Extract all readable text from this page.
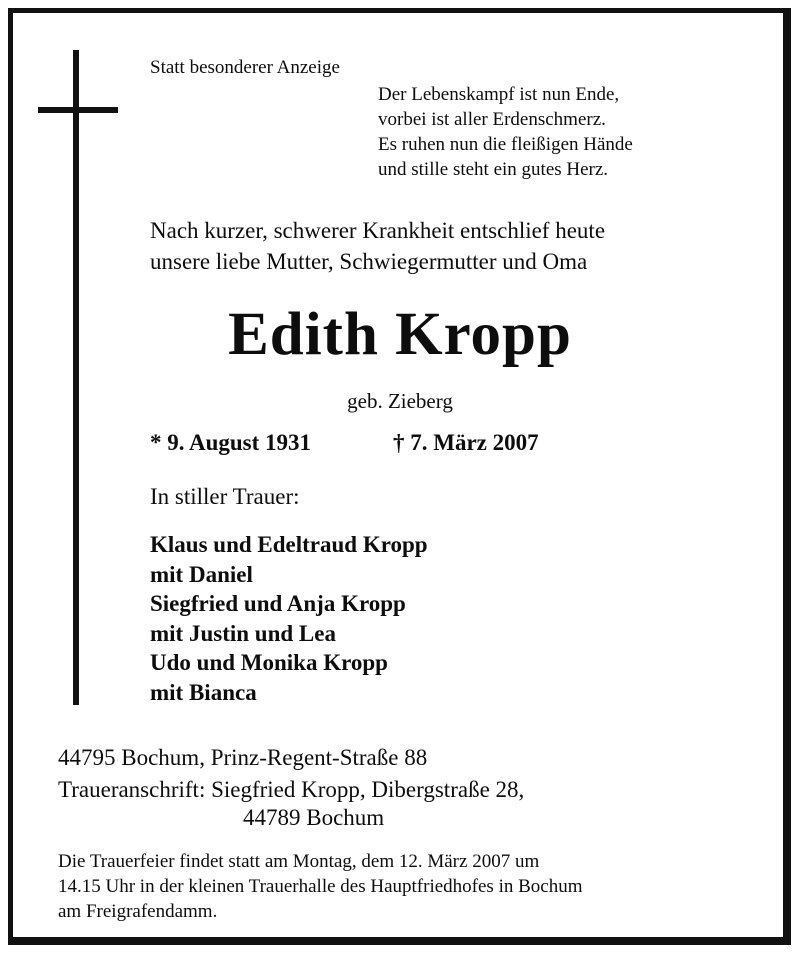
Statt besonderer Anzeige
Der Lebenskampf ist nun Ende,
vorbei ist aller Erdenschmerz.
Es ruhen nun die fleißigen Hände
und stille steht ein gutes Herz.
Nach kurzer, schwerer Krankheit entschlief heute
unsere liebe Mutter, Schwiegermutter und Oma
Edith Kropp
geb. Zieberg
* 9. August 1931	† 7. März 2007
In stiller Trauer:
Klaus und Edeltraud Kropp
mit Daniel
Siegfried und Anja Kropp
mit Justin und Lea
Udo und Monika Kropp
mit Bianca
44795 Bochum, Prinz-Regent-Straße 88
Traueranschrift: Siegfried Kropp, Dibergstraße 28,
44789 Bochum
Die Trauerfeier findet statt am Montag, dem 12. März 2007 um
14.15 Uhr in der kleinen Trauerhalle des Hauptfriedhofes in Bochum
am Freigrafendamm.
